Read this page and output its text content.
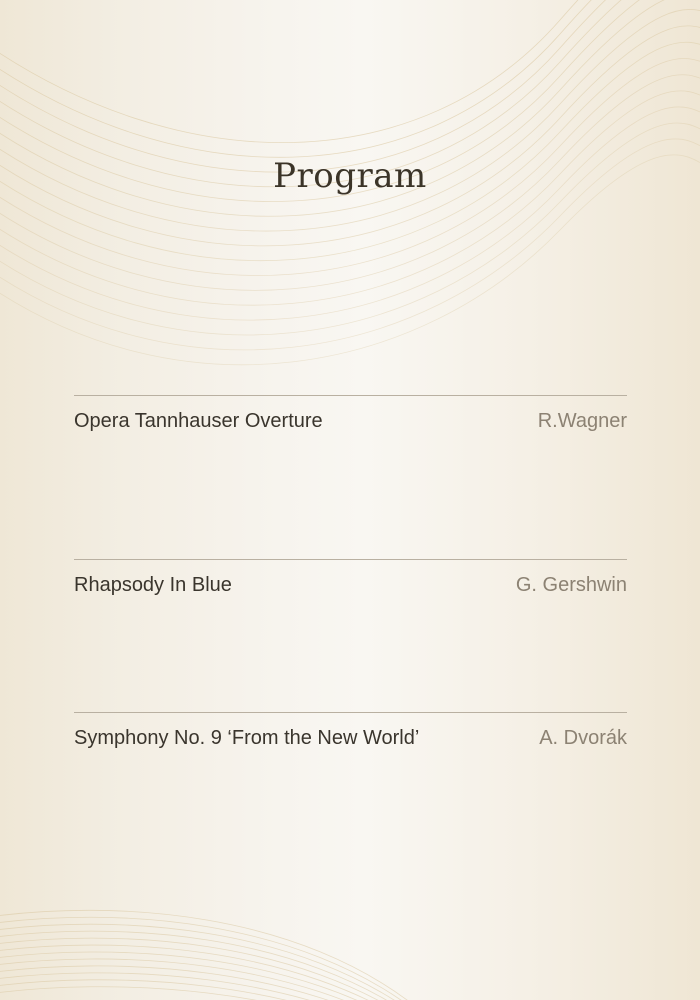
Program
Opera Tannhauser Overture	R.Wagner
Rhapsody In Blue	G. Gershwin
Symphony No. 9 ‘From the New World’	A. Dvorák
